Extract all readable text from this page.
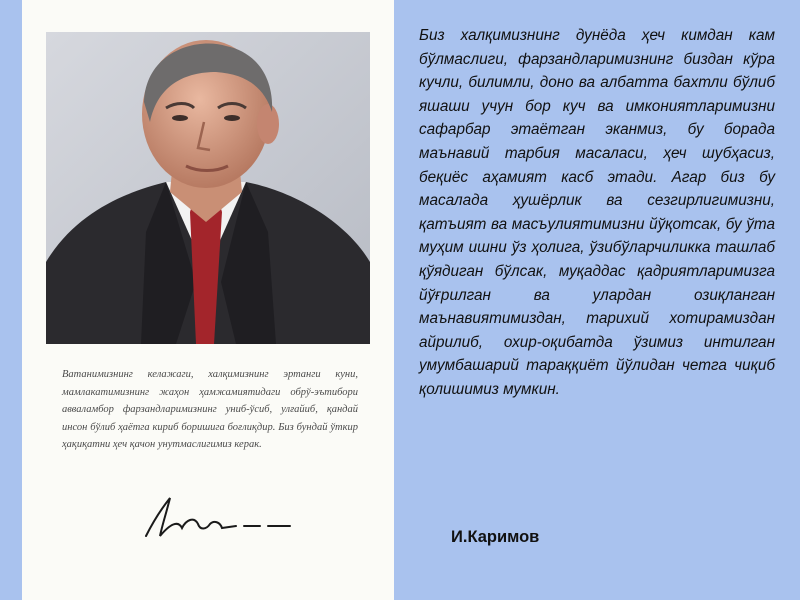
Ватанимизнинг келажаги, халқимизнинг эртанги куни, мамлакатимизнинг жаҳон ҳамжамиятидаги обрў-эътибори авваламбор фарзандларимизнинг униб-ўсиб, улғайиб, қандай инсон бўлиб ҳаётга кириб боришига боғлиқдир. Биз бундай ўткир ҳақиқатни ҳеч қачон унутмаслигимиз керак.
Биз халқимизнинг дунёда ҳеч кимдан кам бўлмаслиги, фарзандларимизнинг биздан кўра кучли, билимли, доно ва албатта бахтли бўлиб яшаши учун бор куч ва имкониятларимизни сафарбар этаётган эканмиз, бу борада маънавий тарбия масаласи, ҳеч шубҳасиз, беқиёс аҳамият касб этади. Агар биз бу масалада ҳушёрлик ва сезгирлигимизни, қатъият ва масъулиятимизни йўқотсак, бу ўта муҳим ишни ўз ҳолига, ўзибўларчиликка ташлаб қўядиган бўлсак, муқаддас қадриятларимизга йўғрилган ва улардан озиқланган маънавиятимиздан, тарихий хотирамиздан айрилиб, охир-оқибатда ўзимиз интилган умумбашарий тараққиёт йўлидан четга чиқиб қолишимиз мумкин.
И.Каримов
